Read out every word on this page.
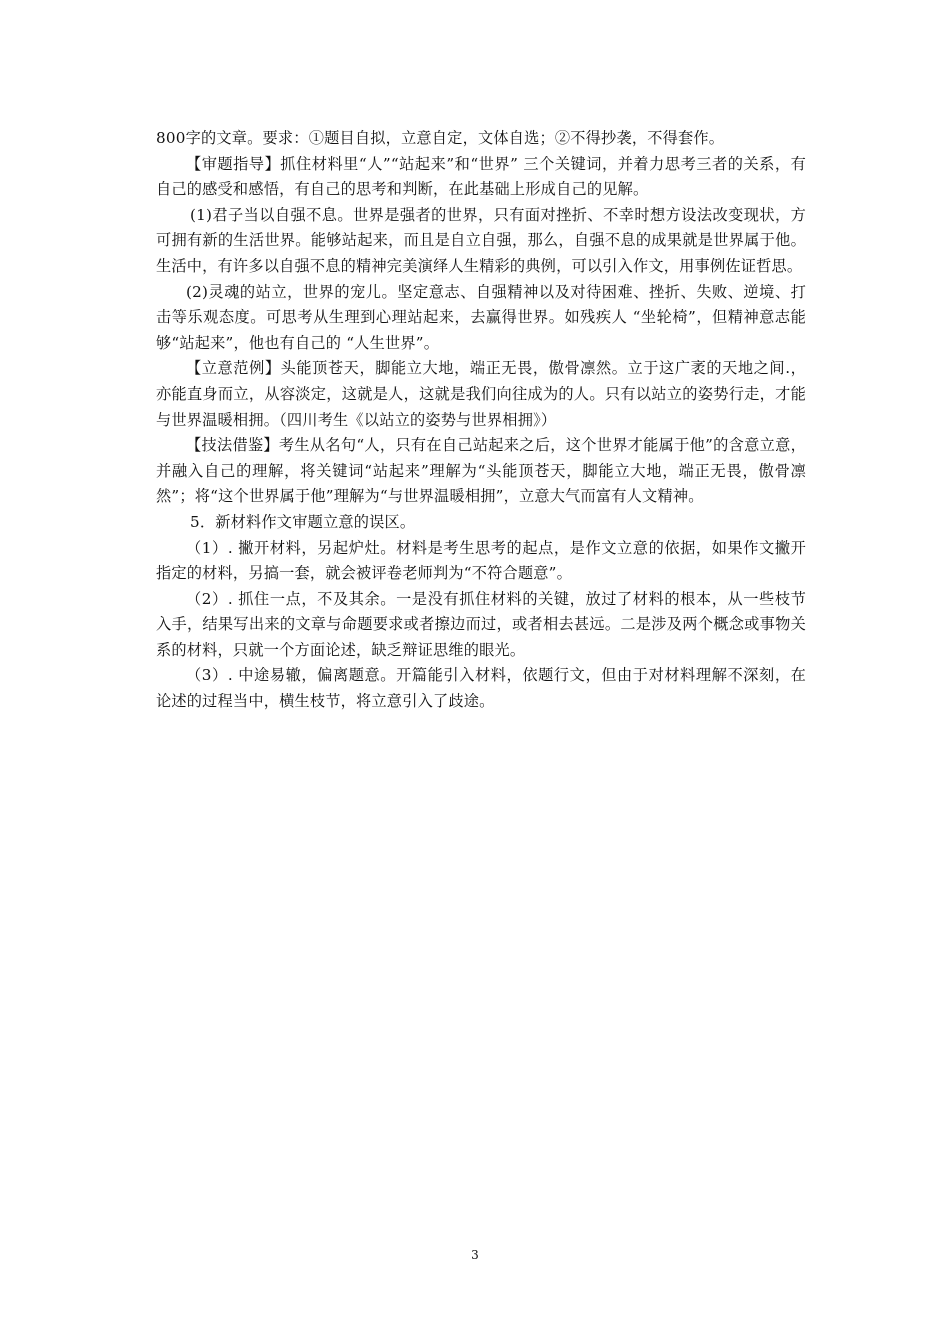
800字的文章。要求：①题目自拟，立意自定，文体自选；②不得抄袭，不得套作。

【审题指导】抓住材料里“人”“站起来”和“世界” 三个关键词，并着力思考三者的关系，有自己的感受和感悟，有自己的思考和判断，在此基础上形成自己的见解。

(1)君子当以自强不息。世界是强者的世界，只有面对挫折、不幸时想方设法改变现状，方可拥有新的生活世界。能够站起来，而且是自立自强，那么，自强不息的成果就是世界属于他。生活中，有许多以自强不息的精神完美演绎人生精彩的典例，可以引入作文，用事例佐证哲思。

(2)灵魂的站立，世界的宠儿。坚定意志、自强精神以及对待困难、挫折、失败、逆境、打击等乐观态度。可思考从生理到心理站起来，去赢得世界。如残疾人 “坐轮椅”，但精神意志能够“站起来”，他也有自己的 “人生世界”。

【立意范例】头能顶苍天，脚能立大地，端正无畏，傲骨凛然。立于这广袤的天地之间.，亦能直身而立，从容淡定，这就是人，这就是我们向往成为的人。只有以站立的姿势行走，才能与世界温暖相拥。（四川考生《以站立的姿势与世界相拥》）

【技法借鉴】考生从名句“人，只有在自己站起来之后，这个世界才能属于他”的含意立意，并融入自己的理解，将关键词“站起来”理解为“头能顶苍天，脚能立大地，端正无畏，傲骨凛然”；将“这个世界属于他”理解为“与世界温暖相拥”，立意大气而富有人文精神。

5．新材料作文审题立意的误区。

（1）. 撇开材料，另起炉灶。材料是考生思考的起点，是作文立意的依据，如果作文撇开指定的材料，另搞一套，就会被评卷老师判为“不符合题意”。

（2）. 抓住一点，不及其余。一是没有抓住材料的关键，放过了材料的根本，从一些枝节入手，结果写出来的文章与命题要求或者擦边而过，或者相去甚远。二是涉及两个概念或事物关系的材料，只就一个方面论述，缺乏辩证思维的眼光。

（3）. 中途易辙，偏离题意。开篇能引入材料，依题行文，但由于对材料理解不深刻，在论述的过程当中，横生枝节，将立意引入了歧途。

3
